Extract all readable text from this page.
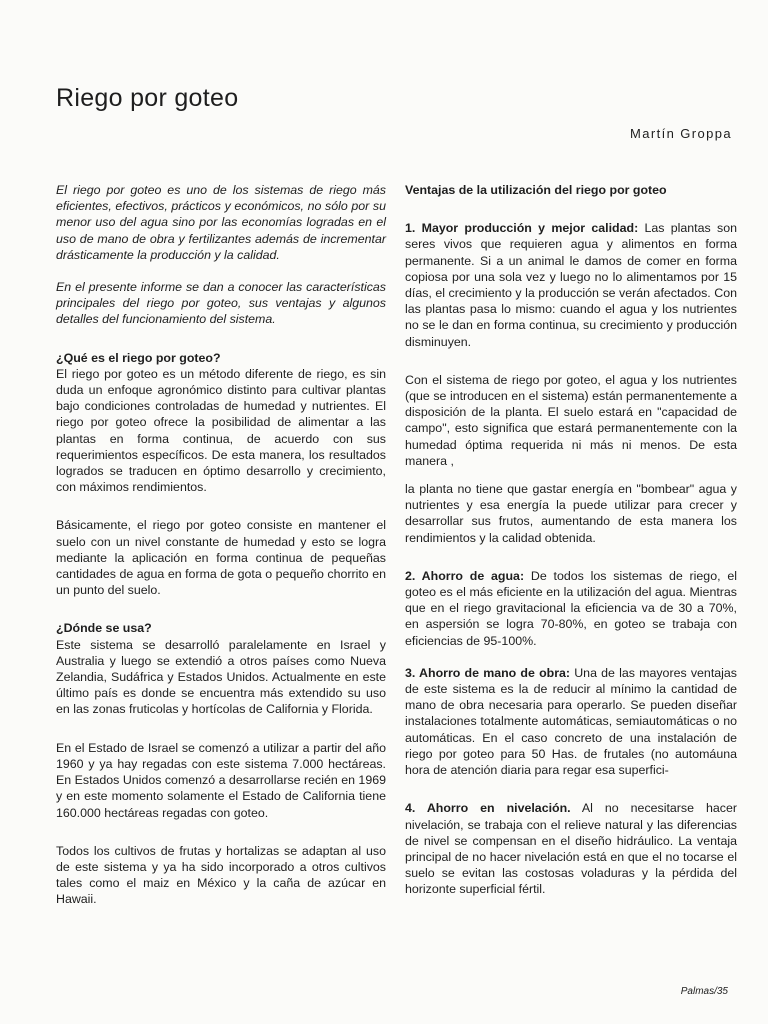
Riego por goteo
Martín Groppa

El riego por goteo es uno de los sistemas de riego más eficientes, efectivos, prácticos y económicos, no sólo por su menor uso del agua sino por las economías logradas en el uso de mano de obra y fertilizantes además de incrementar drásticamente la producción y la calidad.

En el presente informe se dan a conocer las características principales del riego por goteo, sus ventajas y algunos detalles del funcionamiento del sistema.

¿Qué es el riego por goteo?

El riego por goteo es un método diferente de riego, es sin duda un enfoque agronómico distinto para cultivar plantas bajo condiciones controladas de humedad y nutrientes. El riego por goteo ofrece la posibilidad de alimentar a las plantas en forma continua, de acuerdo con sus requerimientos específicos. De esta manera, los resultados logrados se traducen en óptimo desarrollo y crecimiento, con máximos rendimientos.

Básicamente, el riego por goteo consiste en mantener el suelo con un nivel constante de humedad y esto se logra mediante la aplicación en forma continua de pequeñas cantidades de agua en forma de gota o pequeño chorrito en un punto del suelo.

¿Dónde se usa?

Este sistema se desarrolló paralelamente en Israel y Australia y luego se extendió a otros países como Nueva Zelandia, Sudáfrica y Estados Unidos. Actualmente en este último país es donde se encuentra más extendido su uso en las zonas fruticolas y hortícolas de California y Florida.

En el Estado de Israel se comenzó a utilizar a partir del año 1960 y ya hay regadas con este sistema 7.000 hectáreas. En Estados Unidos comenzó a desarrollarse recién en 1969 y en este momento solamente el Estado de California tiene 160.000 hectáreas regadas con goteo.

Todos los cultivos de frutas y hortalizas se adaptan al uso de este sistema y ya ha sido incorporado a otros cultivos tales como el maiz en México y la caña de azúcar en Hawaii.

Ventajas de la utilización del riego por goteo

1. Mayor producción y mejor calidad: Las plantas son seres vivos que requieren agua y alimentos en forma permanente. Si a un animal le damos de comer en forma copiosa por una sola vez y luego no lo alimentamos por 15 días, el crecimiento y la producción se verán afectados. Con las plantas pasa lo mismo: cuando el agua y los nutrientes no se le dan en forma continua, su crecimiento y producción disminuyen.

Con el sistema de riego por goteo, el agua y los nutrientes (que se introducen en el sistema) están permanentemente a disposición de la planta. El suelo estará en "capacidad de campo", esto significa que estará permanentemente con la humedad óptima requerida ni más ni menos. De esta manera ,

la planta no tiene que gastar energía en "bombear" agua y nutrientes y esa energía la puede utilizar para crecer y desarrollar sus frutos, aumentando de esta manera los rendimientos y la calidad obtenida.

2. Ahorro de agua: De todos los sistemas de riego, el goteo es el más eficiente en la utilización del agua. Mientras que en el riego gravitacional la eficiencia va de 30 a 70%, en aspersión se logra 70-80%, en goteo se trabaja con eficiencias de 95-100%.

3. Ahorro de mano de obra: Una de las mayores ventajas de este sistema es la de reducir al mínimo la cantidad de mano de obra necesaria para operarlo. Se pueden diseñar instalaciones totalmente automáticas, semiautomáticas o no automáticas. En el caso concreto de una instalación de riego por goteo para 50 Has. de frutales (no automáuna hora de atención diaria para regar esa superfici-

4. Ahorro en nivelación. Al no necesitarse hacer nivelación, se trabaja con el relieve natural y las diferencias de nivel se compensan en el diseño hidráulico. La ventaja principal de no hacer nivelación está en que el no tocarse el suelo se evitan las costosas voladuras y la pérdida del horizonte superficial fértil.

Palmas/35
